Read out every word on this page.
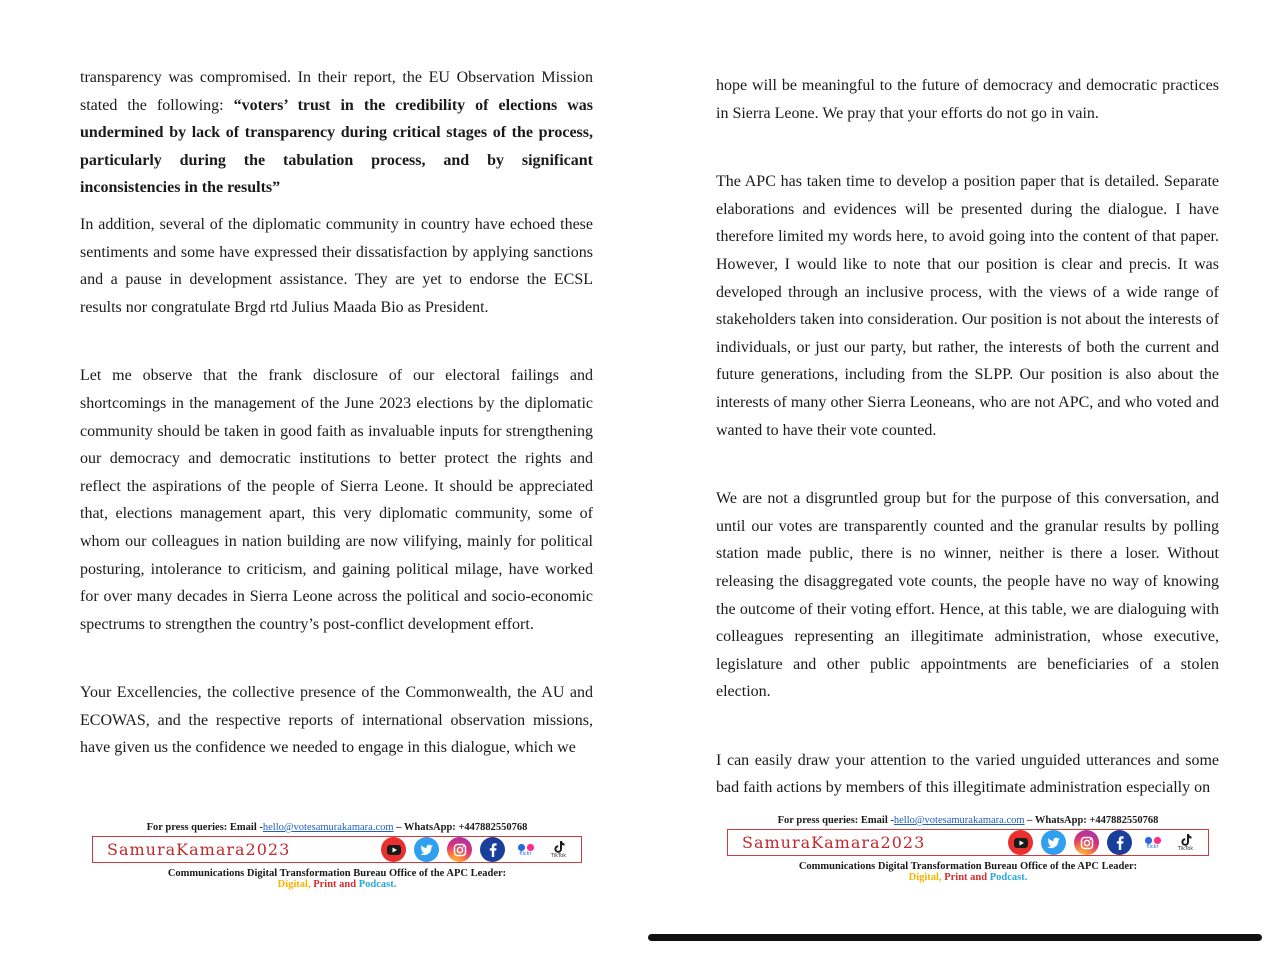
transparency was compromised. In their report, the EU Observation Mission stated the following: “voters’ trust in the credibility of elections was undermined by lack of transparency during critical stages of the process, particularly during the tabulation process, and by significant inconsistencies in the results”

In addition, several of the diplomatic community in country have echoed these sentiments and some have expressed their dissatisfaction by applying sanctions and a pause in development assistance. They are yet to endorse the ECSL results nor congratulate Brgd rtd Julius Maada Bio as President.

Let me observe that the frank disclosure of our electoral failings and shortcomings in the management of the June 2023 elections by the diplomatic community should be taken in good faith as invaluable inputs for strengthening our democracy and democratic institutions to better protect the rights and reflect the aspirations of the people of Sierra Leone. It should be appreciated that, elections management apart, this very diplomatic community, some of whom our colleagues in nation building are now vilifying, mainly for political posturing, intolerance to criticism, and gaining political milage, have worked for over many decades in Sierra Leone across the political and socio-economic spectrums to strengthen the country’s post-conflict development effort.

Your Excellencies, the collective presence of the Commonwealth, the AU and ECOWAS, and the respective reports of international observation missions, have given us the confidence we needed to engage in this dialogue, which we

For press queries: Email -hello@votesamurakamara.com – WhatsApp: +447882550768
SamuraKamara2023	flickr	TikTok
Communications Digital Transformation Bureau Office of the APC Leader:
Digital, Print and Podcast.

hope will be meaningful to the future of democracy and democratic practices in Sierra Leone. We pray that your efforts do not go in vain.

The APC has taken time to develop a position paper that is detailed. Separate elaborations and evidences will be presented during the dialogue. I have therefore limited my words here, to avoid going into the content of that paper. However, I would like to note that our position is clear and precis. It was developed through an inclusive process, with the views of a wide range of stakeholders taken into consideration. Our position is not about the interests of individuals, or just our party, but rather, the interests of both the current and future generations, including from the SLPP. Our position is also about the interests of many other Sierra Leoneans, who are not APC, and who voted and wanted to have their vote counted.

We are not a disgruntled group but for the purpose of this conversation, and until our votes are transparently counted and the granular results by polling station made public, there is no winner, neither is there a loser. Without releasing the disaggregated vote counts, the people have no way of knowing the outcome of their voting effort. Hence, at this table, we are dialoguing with colleagues representing an illegitimate administration, whose executive, legislature and other public appointments are beneficiaries of a stolen election.

I can easily draw your attention to the varied unguided utterances and some bad faith actions by members of this illegitimate administration especially on

For press queries: Email -hello@votesamurakamara.com – WhatsApp: +447882550768
SamuraKamara2023	flickr	TikTok
Communications Digital Transformation Bureau Office of the APC Leader:
Digital, Print and Podcast.
